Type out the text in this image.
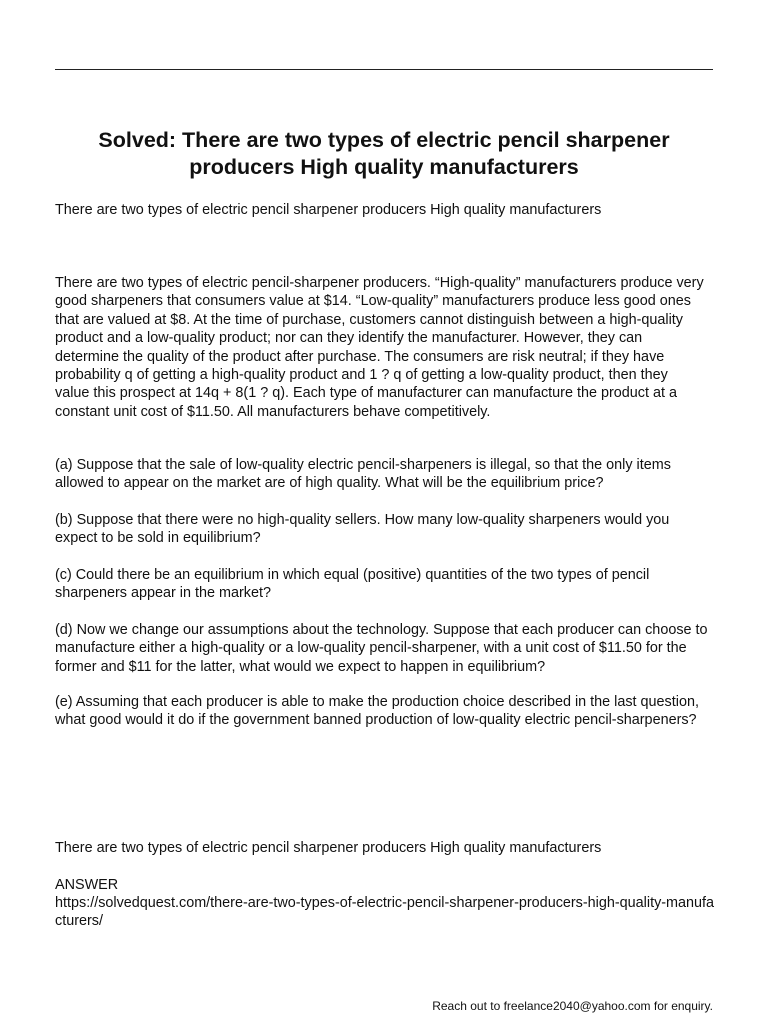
Solved: There are two types of electric pencil sharpener producers High quality manufacturers

There are two types of electric pencil sharpener producers High quality manufacturers

There are two types of electric pencil-sharpener producers. “High-quality” manufacturers produce very good sharpeners that consumers value at $14. “Low-quality” manufacturers produce less good ones that are valued at $8. At the time of purchase, customers cannot distinguish between a high-quality product and a low-quality product; nor can they identify the manufacturer. However, they can determine the quality of the product after purchase. The consumers are risk neutral; if they have probability q of getting a high-quality product and 1 ? q of getting a low-quality product, then they value this prospect at 14q + 8(1 ? q). Each type of manufacturer can manufacture the product at a constant unit cost of $11.50. All manufacturers behave competitively.

(a) Suppose that the sale of low-quality electric pencil-sharpeners is illegal, so that the only items allowed to appear on the market are of high quality. What will be the equilibrium price?

(b) Suppose that there were no high-quality sellers. How many low-quality sharpeners would you expect to be sold in equilibrium?

(c) Could there be an equilibrium in which equal (positive) quantities of the two types of pencil sharpeners appear in the market?

(d) Now we change our assumptions about the technology. Suppose that each producer can choose to manufacture either a high-quality or a low-quality pencil-sharpener, with a unit cost of $11.50 for the former and $11 for the latter, what would we expect to happen in equilibrium?

(e) Assuming that each producer is able to make the production choice described in the last question, what good would it do if the government banned production of low-quality electric pencil-sharpeners?

There are two types of electric pencil sharpener producers High quality manufacturers

ANSWER

https://solvedquest.com/there-are-two-types-of-electric-pencil-sharpener-producers-high-quality-manufacturers/

Reach out to freelance2040@yahoo.com for enquiry.
